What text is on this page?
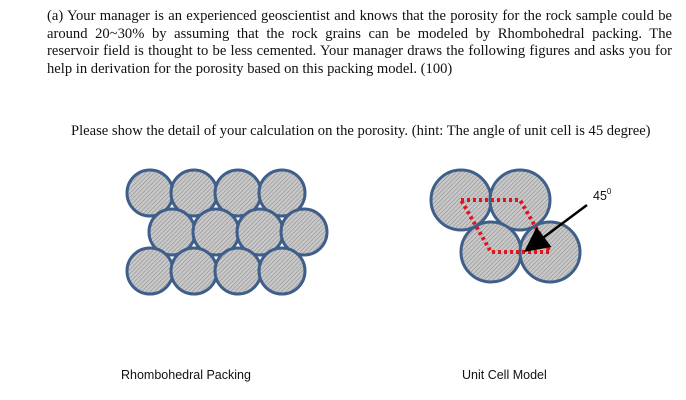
(a) Your manager is an experienced geoscientist and knows that the porosity for the rock sample could be around 20~30% by assuming that the rock grains can be modeled by Rhombohedral packing. The reservoir field is thought to be less cemented. Your manager draws the following figures and asks you for help in derivation for the porosity based on this packing model. (100)
Please show the detail of your calculation on the porosity. (hint: The angle of unit cell is 45 degree)
$45^0$
Rhombohedral Packing	Unit Cell Model
